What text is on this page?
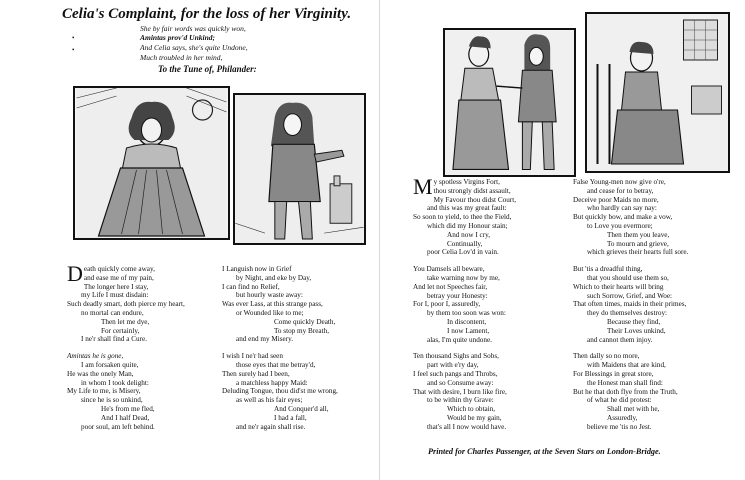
Celia's Complaint, for the loss of her Virginity.
She by fair words was quickly won,
Amintas prov'd Unkind;
And Celia says, she's quite Undone,
Much troubled in her mind,
•
•
To the Tune of, Philander:
Death quickly come away,
and ease me of my pain,
The longer here I stay,
my Life I must disdain:
Such deadly smart, doth pierce my heart,
no mortal can endure,
Then let me dye,
For certainly,
I ne'r shall find a Cure.
Amintas he is gone,
I am forsaken quite,
He was the onely Man,
in whom I took delight:
My Life to me, is Misery,
since he is so unkind,
He's from me fled,
And I half Dead,
poor soul, am left behind.
I Languish now in Grief
by Night, and eke by Day,
I can find no Relief,
but hourly waste away:
Was ever Lass, at this strange pass,
or Wounded like to me;
Come quickly Death,
To stop my Breath,
and end my Misery.
I wish I ne'r had seen
those eyes that me betray'd,
Then surely had I been,
a matchless happy Maid:
Deluding Tongue, thou did'st me wrong,
as well as his fair eyes;
And Conquer'd all,
I had a fall,
and ne'r again shall rise.
My spotless Virgins Fort,
thou strongly didst assault,
My Favour thou didst Court,
and this was my great fault:
So soon to yield, to thee the Field,
which did my Honour stain;
And now I cry,
Continually,
poor Celia Lov'd in vain.
You Damsels all beware,
take warning now by me,
And let not Speeches fair,
betray your Honesty:
For I, poor I, assuredly,
by them too soon was won:
In discontent,
I now Lament,
alas, I'm quite undone.
Ten thousand Sighs and Sobs,
part with e'ry day,
I feel such pangs and Throbs,
and so Consume away:
That with desire, I burn like fire,
to be within thy Grave:
Which to obtain,
Would be my gain,
that's all I now would have.
False Young-men now give o're,
and cease for to betray,
Deceive poor Maids no more,
who hardly can say nay:
But quickly bow, and make a vow,
to Love you evermore;
Then them you leave,
To mourn and grieve,
which grieves their hearts full sore.
But 'tis a dreadful thing,
that you should use them so,
Which to their hearts will bring
such Sorrow, Grief, and Woe:
That often times, maids in their primes,
they do themselves destroy:
Because they find,
Their Loves unkind,
and cannot them injoy.
Then dally so no more,
with Maidens that are kind,
For Blessings in great store,
the Honest man shall find:
But he that doth flye from the Truth,
of what he did protest:
Shall met with he,
Assuredly,
believe me 'tis no Jest.
Printed for Charles Passenger, at the Seven Stars on London-Bridge.
